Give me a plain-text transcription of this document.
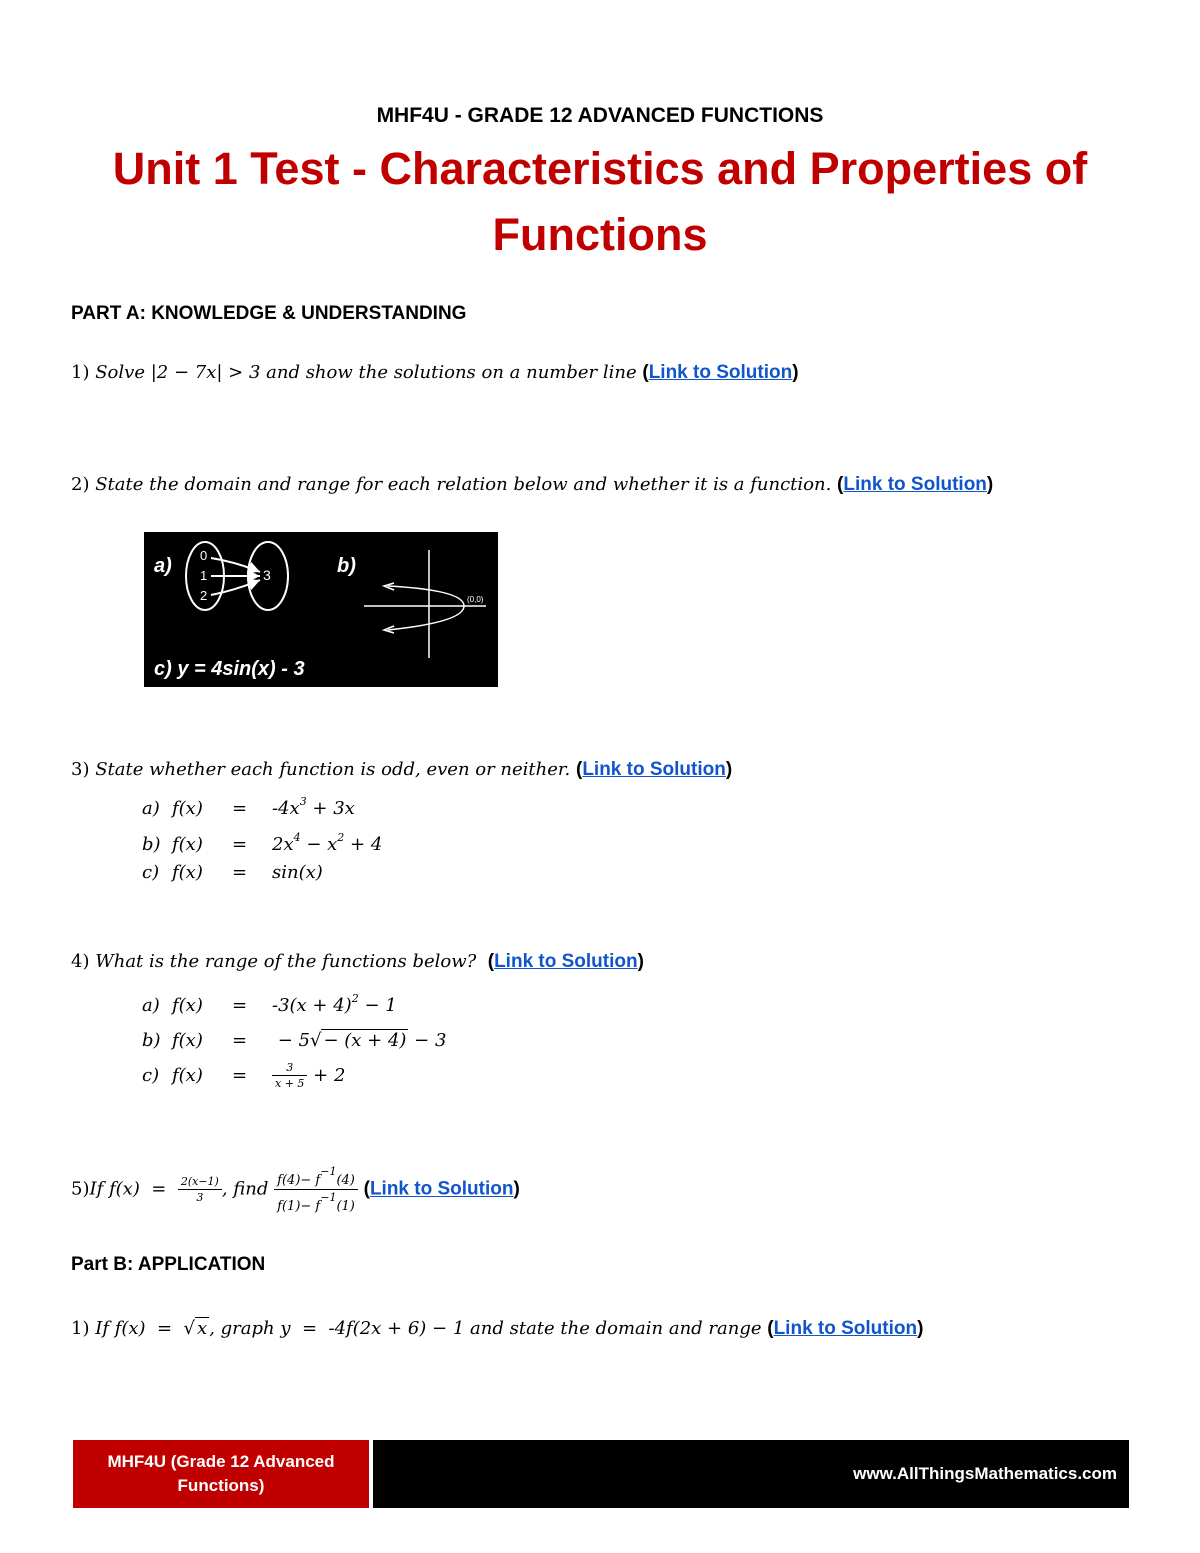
MHF4U - GRADE 12 ADVANCED FUNCTIONS
Unit 1 Test - Characteristics and Properties of Functions
PART A: KNOWLEDGE & UNDERSTANDING
1) Solve |2 − 7x| > 3 and show the solutions on a number line (Link to Solution)
2) State the domain and range for each relation below and whether it is a function. (Link to Solution)
a) 0
1
2
3	b)
(0,0)
c) y = 4sin(x) - 3
3) State whether each function is odd, even or neither. (Link to Solution)
a) $f(x) = -4x^3 + 3x$
b) $f(x) = 2x^4 - x^2 + 4$
c) f(x) = sin(x)
4) What is the range of the functions below? (Link to Solution)
a) $f(x) = -3(x + 4)^2 - 1$
b) f(x) = − 5√ − (x + 4) − 3
c) $f(x) = \frac{3}{x + 5} + 2$
5)If $f(x) = \frac{2(x-1)}{3}$ , find $\frac{f(4)- f^{-1}(4)}{f(1)- f^{-1}(1)}$ (Link to Solution)
Part B: APPLICATION
1) If f(x)  =  √ x , graph y  =  -4f(2x + 6) − 1 and state the domain and range (Link to Solution)
MHF4U (Grade 12 Advanced Functions)
www.AllThingsMathematics.com
